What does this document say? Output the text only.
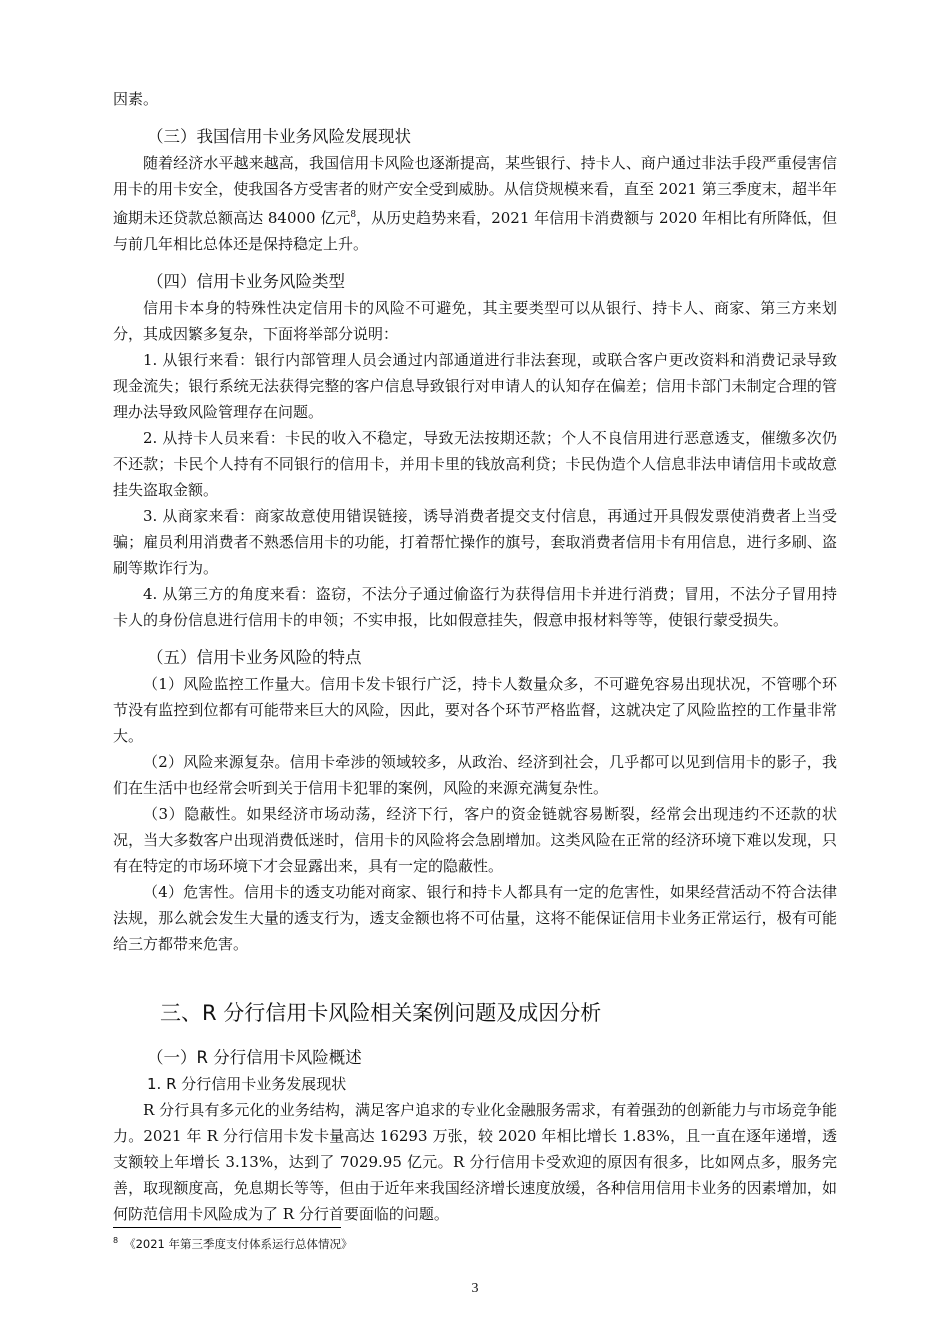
因素。

（三）我国信用卡业务风险发展现状

随着经济水平越来越高，我国信用卡风险也逐渐提高，某些银行、持卡人、商户通过非法手段严重侵害信用卡的用卡安全，使我国各方受害者的财产安全受到威胁。从信贷规模来看，直至 2021 第三季度末，超半年逾期未还贷款总额高达 84000 亿元$^8$，从历史趋势来看，2021 年信用卡消费额与 2020 年相比有所降低，但与前几年相比总体还是保持稳定上升。

（四）信用卡业务风险类型

信用卡本身的特殊性决定信用卡的风险不可避免，其主要类型可以从银行、持卡人、商家、第三方来划分，其成因繁多复杂，下面将举部分说明：

1. 从银行来看：银行内部管理人员会通过内部通道进行非法套现，或联合客户更改资料和消费记录导致现金流失；银行系统无法获得完整的客户信息导致银行对申请人的认知存在偏差；信用卡部门未制定合理的管理办法导致风险管理存在问题。

2. 从持卡人员来看：卡民的收入不稳定，导致无法按期还款；个人不良信用进行恶意透支，催缴多次仍不还款；卡民个人持有不同银行的信用卡，并用卡里的钱放高利贷；卡民伪造个人信息非法申请信用卡或故意挂失盗取金额。

3. 从商家来看：商家故意使用错误链接，诱导消费者提交支付信息，再通过开具假发票使消费者上当受骗；雇员利用消费者不熟悉信用卡的功能，打着帮忙操作的旗号，套取消费者信用卡有用信息，进行多刷、盗刷等欺诈行为。

4. 从第三方的角度来看：盗窃，不法分子通过偷盗行为获得信用卡并进行消费；冒用，不法分子冒用持卡人的身份信息进行信用卡的申领；不实申报，比如假意挂失，假意申报材料等等，使银行蒙受损失。

（五）信用卡业务风险的特点

（1）风险监控工作量大。信用卡发卡银行广泛，持卡人数量众多，不可避免容易出现状况，不管哪个环节没有监控到位都有可能带来巨大的风险，因此，要对各个环节严格监督，这就决定了风险监控的工作量非常大。

（2）风险来源复杂。信用卡牵涉的领域较多，从政治、经济到社会，几乎都可以见到信用卡的影子，我们在生活中也经常会听到关于信用卡犯罪的案例，风险的来源充满复杂性。

（3）隐蔽性。如果经济市场动荡，经济下行，客户的资金链就容易断裂，经常会出现违约不还款的状况，当大多数客户出现消费低迷时，信用卡的风险将会急剧增加。这类风险在正常的经济环境下难以发现，只有在特定的市场环境下才会显露出来，具有一定的隐蔽性。

（4）危害性。信用卡的透支功能对商家、银行和持卡人都具有一定的危害性，如果经营活动不符合法律法规，那么就会发生大量的透支行为，透支金额也将不可估量，这将不能保证信用卡业务正常运行，极有可能给三方都带来危害。

三、R 分行信用卡风险相关案例问题及成因分析
（一）R 分行信用卡风险概述
1. R 分行信用卡业务发展现状

R 分行具有多元化的业务结构，满足客户追求的专业化金融服务需求，有着强劲的创新能力与市场竞争能力。2021 年 R 分行信用卡发卡量高达 16293 万张，较 2020 年相比增长 1.83%，且一直在逐年递增，透支额较上年增长 3.13%，达到了 7029.95 亿元。R 分行信用卡受欢迎的原因有很多，比如网点多，服务完善，取现额度高，免息期长等等，但由于近年来我国经济增长速度放缓，各种信用信用卡业务的因素增加，如何防范信用卡风险成为了 R 分行首要面临的问题。

$^8$ 《2021 年第三季度支付体系运行总体情况》
3
